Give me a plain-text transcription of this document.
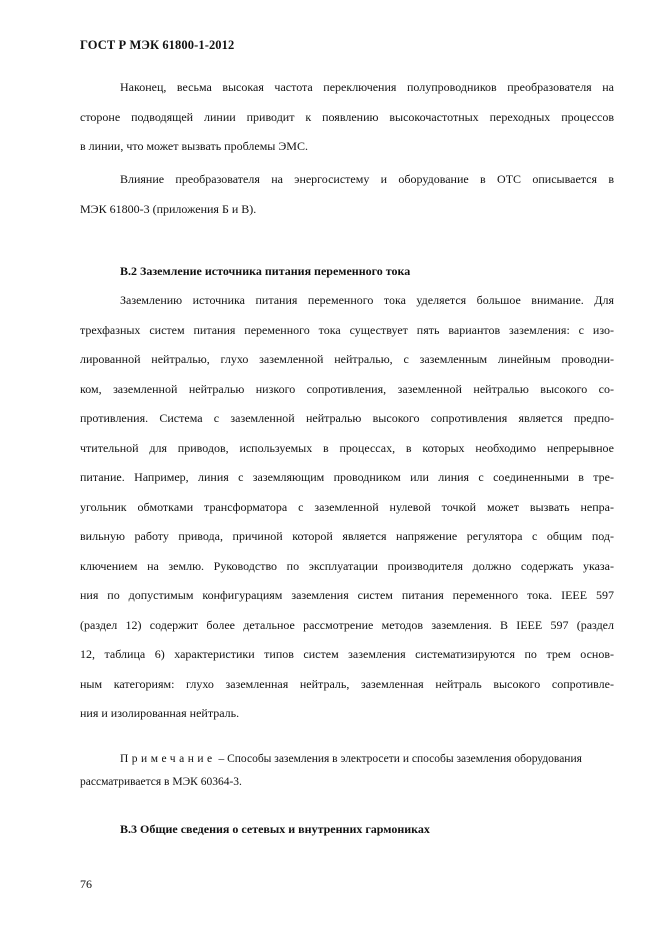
ГОСТ Р МЭК 61800-1-2012
Наконец, весьма высокая частота переключения полупроводников преобразователя на
стороне подводящей линии приводит к появлению высокочастотных переходных процессов
в линии, что может вызвать проблемы ЭМС.
Влияние преобразователя на энергосистему и оборудование в ОТС описывается в
МЭК 61800-3 (приложения Б и В).
В.2 Заземление источника питания переменного тока
Заземлению источника питания переменного тока уделяется большое внимание. Для
трехфазных систем питания переменного тока существует пять вариантов заземления: с изо-
лированной нейтралью, глухо заземленной нейтралью, с заземленным линейным проводни-
ком, заземленной нейтралью низкого сопротивления, заземленной нейтралью высокого со-
противления. Система с заземленной нейтралью высокого сопротивления является предпо-
чтительной для приводов, используемых в процессах, в которых необходимо непрерывное
питание. Например, линия с заземляющим проводником или линия с соединенными в тре-
угольник обмотками трансформатора с заземленной нулевой точкой может вызвать непра-
вильную работу привода, причиной которой является напряжение регулятора с общим под-
ключением на землю. Руководство по эксплуатации производителя должно содержать указа-
ния по допустимым конфигурациям заземления систем питания переменного тока. IEEE 597
(раздел 12) содержит более детальное рассмотрение методов заземления. В IEEE 597 (раздел
12, таблица 6) характеристики типов систем заземления систематизируются по трем основ-
ным категориям: глухо заземленная нейтраль, заземленная нейтраль высокого сопротивле-
ния и изолированная нейтраль.
Примечание – Способы заземления в электросети и способы заземления оборудования
рассматривается в МЭК 60364-3.
В.3 Общие сведения о сетевых и внутренних гармониках
76
